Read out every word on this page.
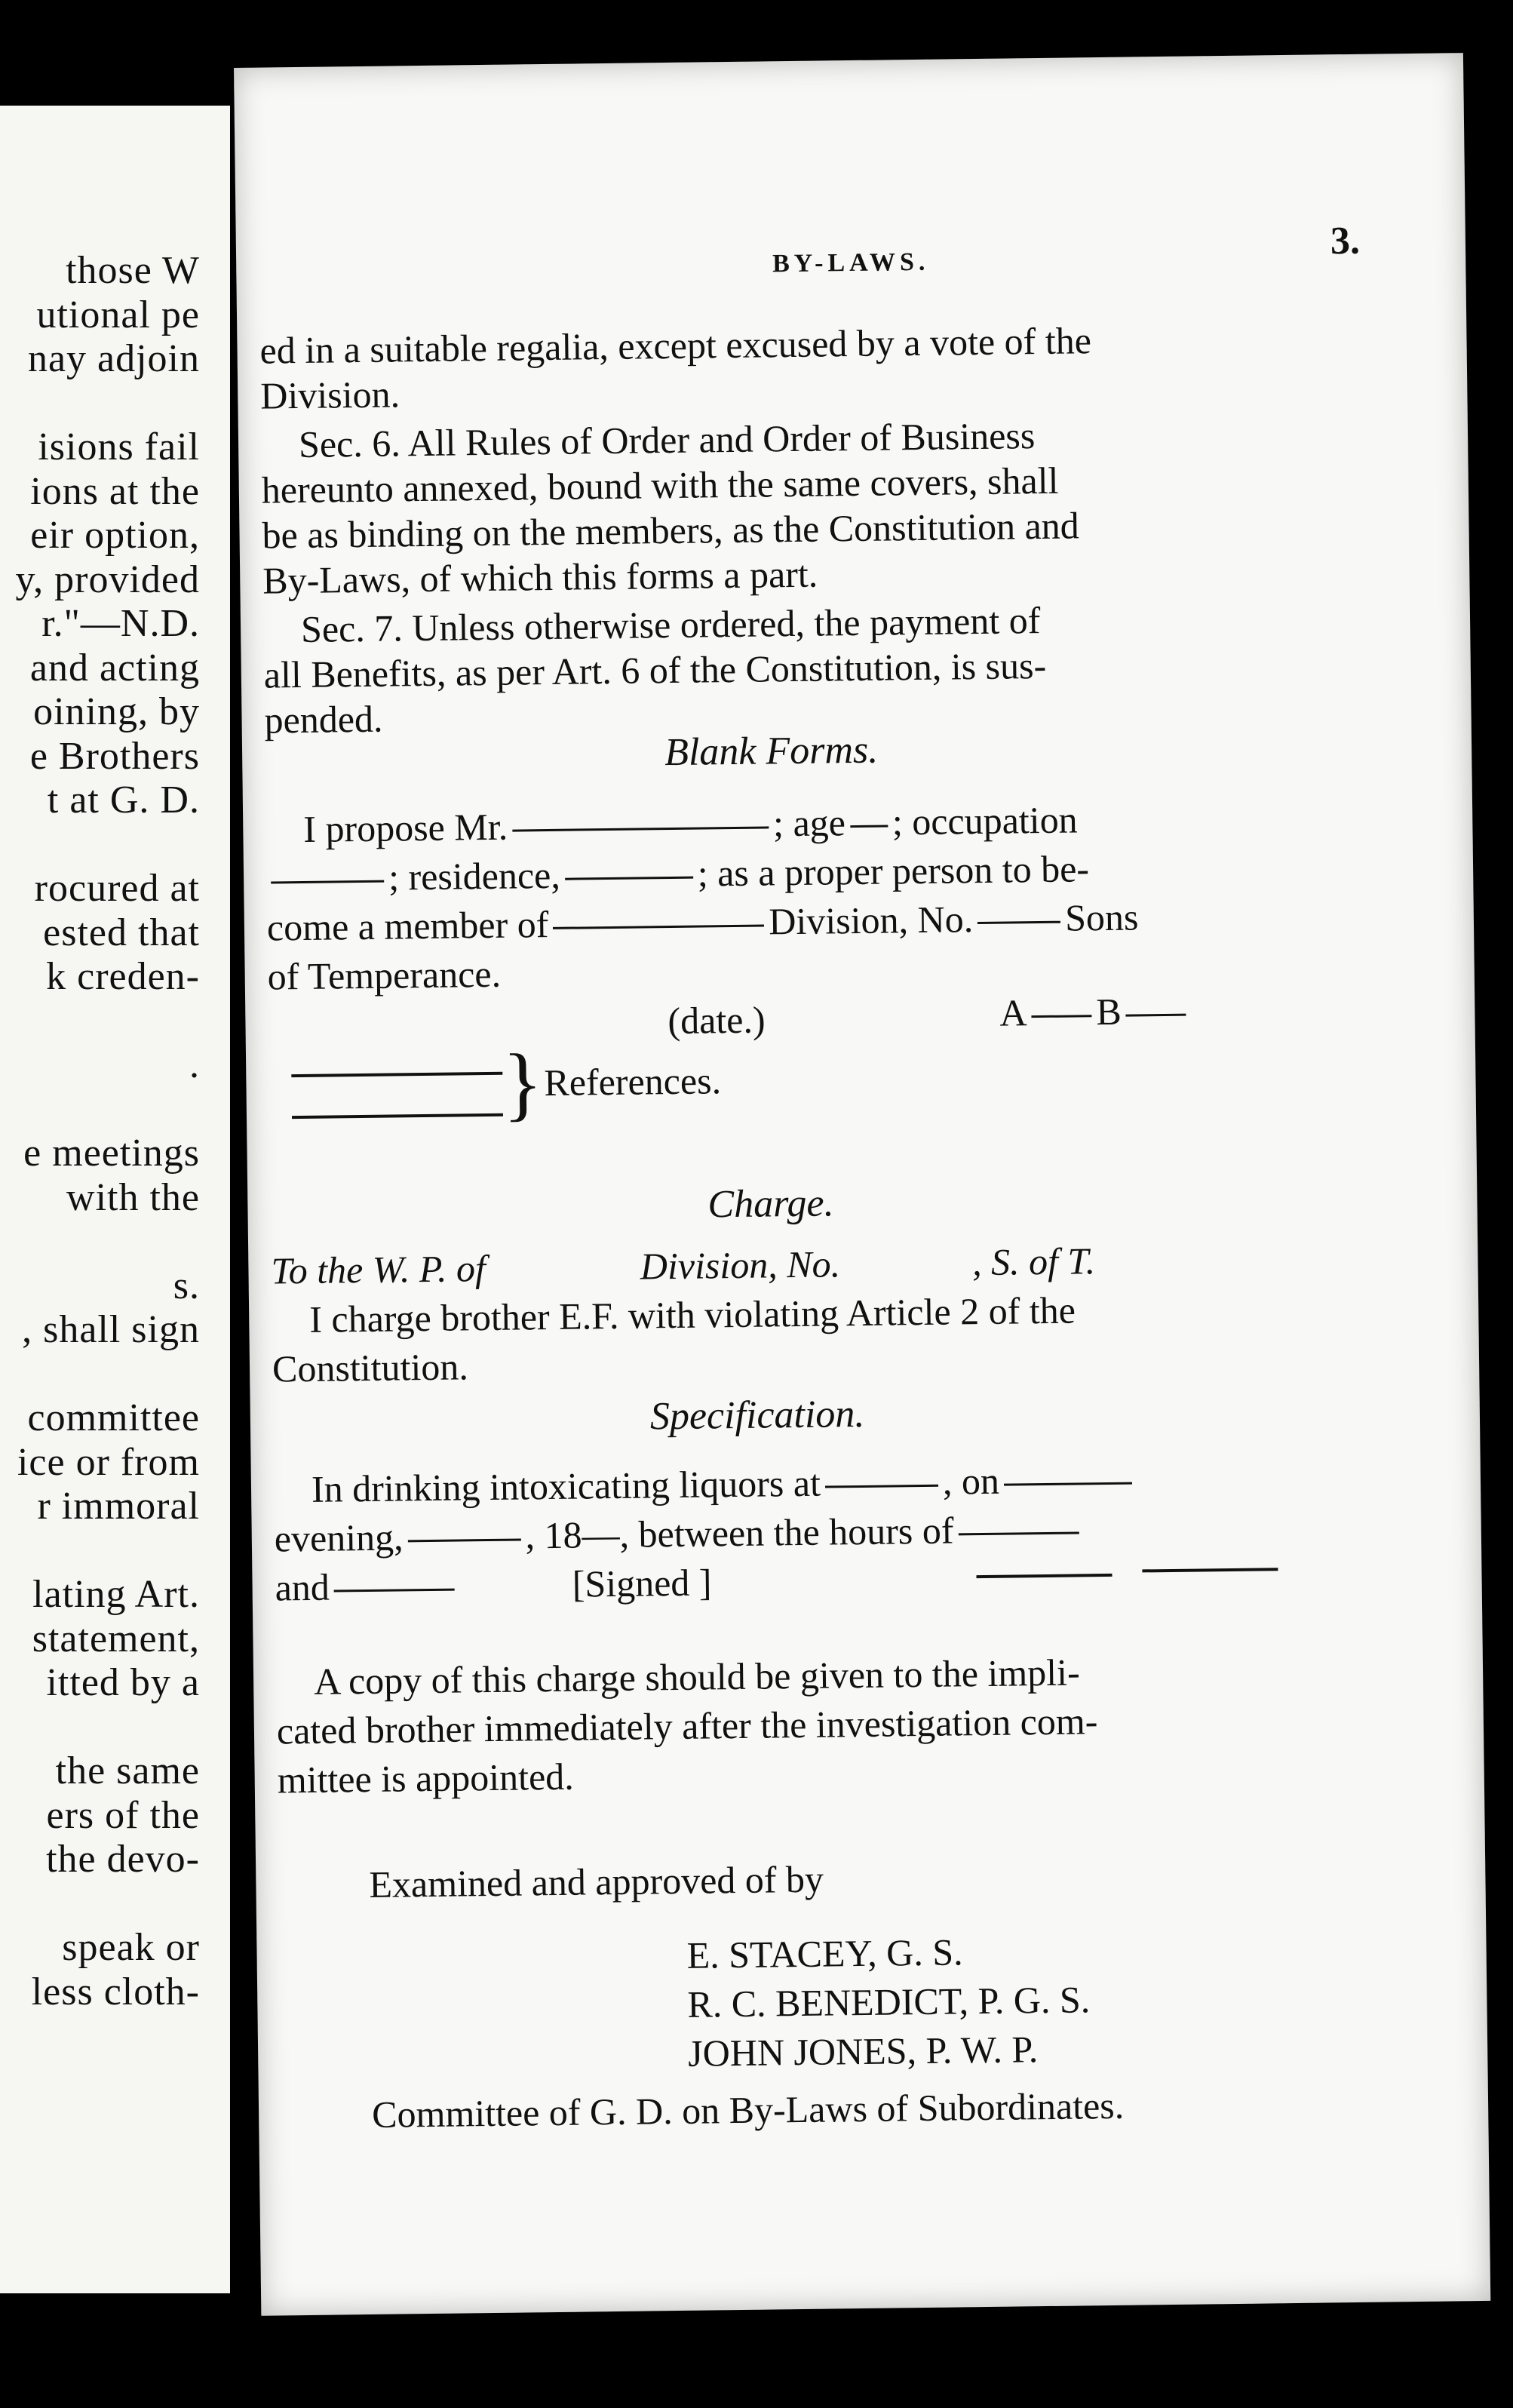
those W
utional pe
nay adjoin
isions fail
ions at the
eir option,
y, provided
r."—N.D.
and acting
oining, by
e Brothers
t at G. D.
rocured at
ested that
k creden-
.
e meetings
with the
s.
, shall sign
committee
ice or from
r immoral
lating Art.
statement,
itted by a
the same
ers of the
the devo-
speak or
less cloth-
BY-LAWS.
3.
ed in a suitable regalia, except excused by a vote of the
Division.
Sec. 6. All Rules of Order and Order of Business
hereunto annexed, bound with the same covers, shall
be as binding on the members, as the Constitution and
By-Laws, of which this forms a part.
Sec. 7. Unless otherwise ordered, the payment of
all Benefits, as per Art. 6 of the Constitution, is sus-
pended.
Blank Forms.
I propose Mr.	; age ; occupation
; residence,	; as a proper person to be-
come a member of	Division, No. Sons
of Temperance.
(date.)	A B
} References.
Charge.
To the W. P. of	Division, No.	, S. of T.
I charge brother E.F. with violating Article 2 of the
Constitution.
Specification.
In drinking intoxicating liquors at	, on
evening,	, 18—, between the hours of
and	[Signed ]
A copy of this charge should be given to the impli-
cated brother immediately after the investigation com-
mittee is appointed.
Examined and approved of by
E. STACEY, G. S.
R. C. BENEDICT, P. G. S.
JOHN JONES, P. W. P.
Committee of G. D. on By-Laws of Subordinates.
